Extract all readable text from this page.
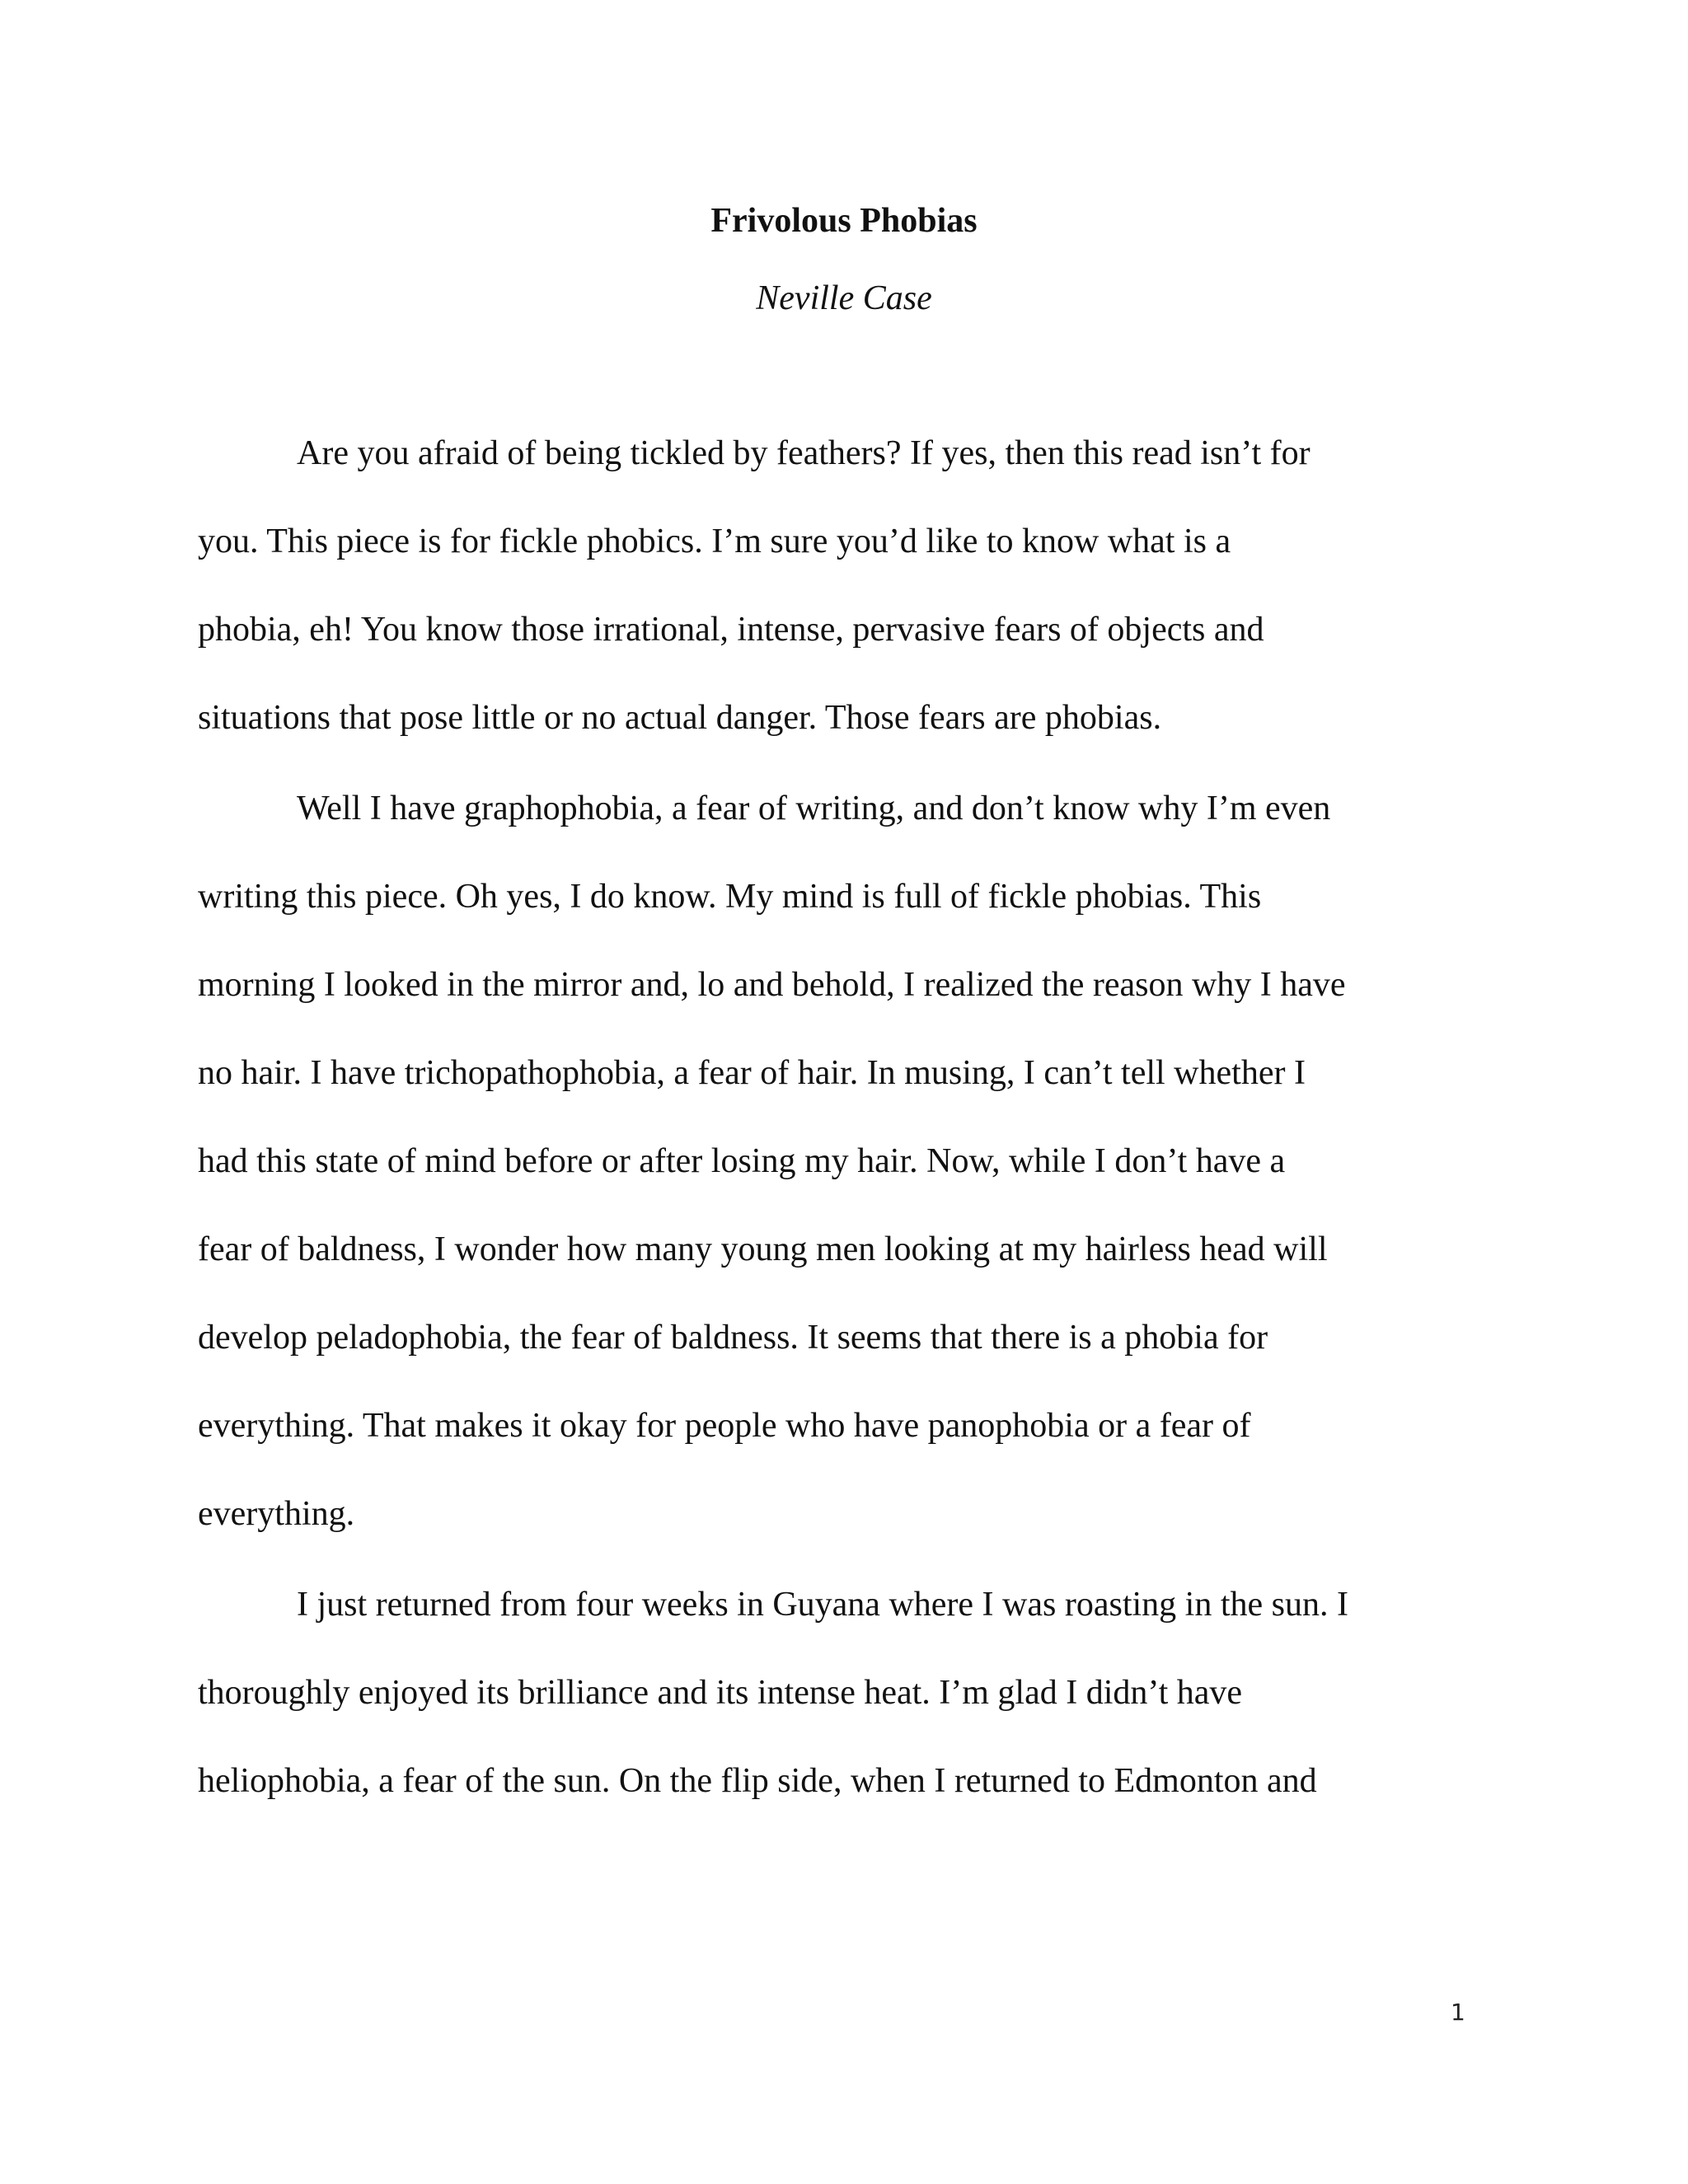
Frivolous Phobias
Neville Case
Are you afraid of being tickled by feathers? If yes, then this read isn’t for
you. This piece is for fickle phobics. I’m sure you’d like to know what is a
phobia, eh! You know those irrational, intense, pervasive fears of objects and
situations that pose little or no actual danger. Those fears are phobias.
Well I have graphophobia, a fear of writing, and don’t know why I’m even
writing this piece. Oh yes, I do know. My mind is full of fickle phobias. This
morning I looked in the mirror and, lo and behold, I realized the reason why I have
no hair. I have trichopathophobia, a fear of hair. In musing, I can’t tell whether I
had this state of mind before or after losing my hair. Now, while I don’t have a
fear of baldness, I wonder how many young men looking at my hairless head will
develop peladophobia, the fear of baldness. It seems that there is a phobia for
everything. That makes it okay for people who have panophobia or a fear of
everything.
I just returned from four weeks in Guyana where I was roasting in the sun. I
thoroughly enjoyed its brilliance and its intense heat. I’m glad I didn’t have
heliophobia, a fear of the sun. On the flip side, when I returned to Edmonton and
1
